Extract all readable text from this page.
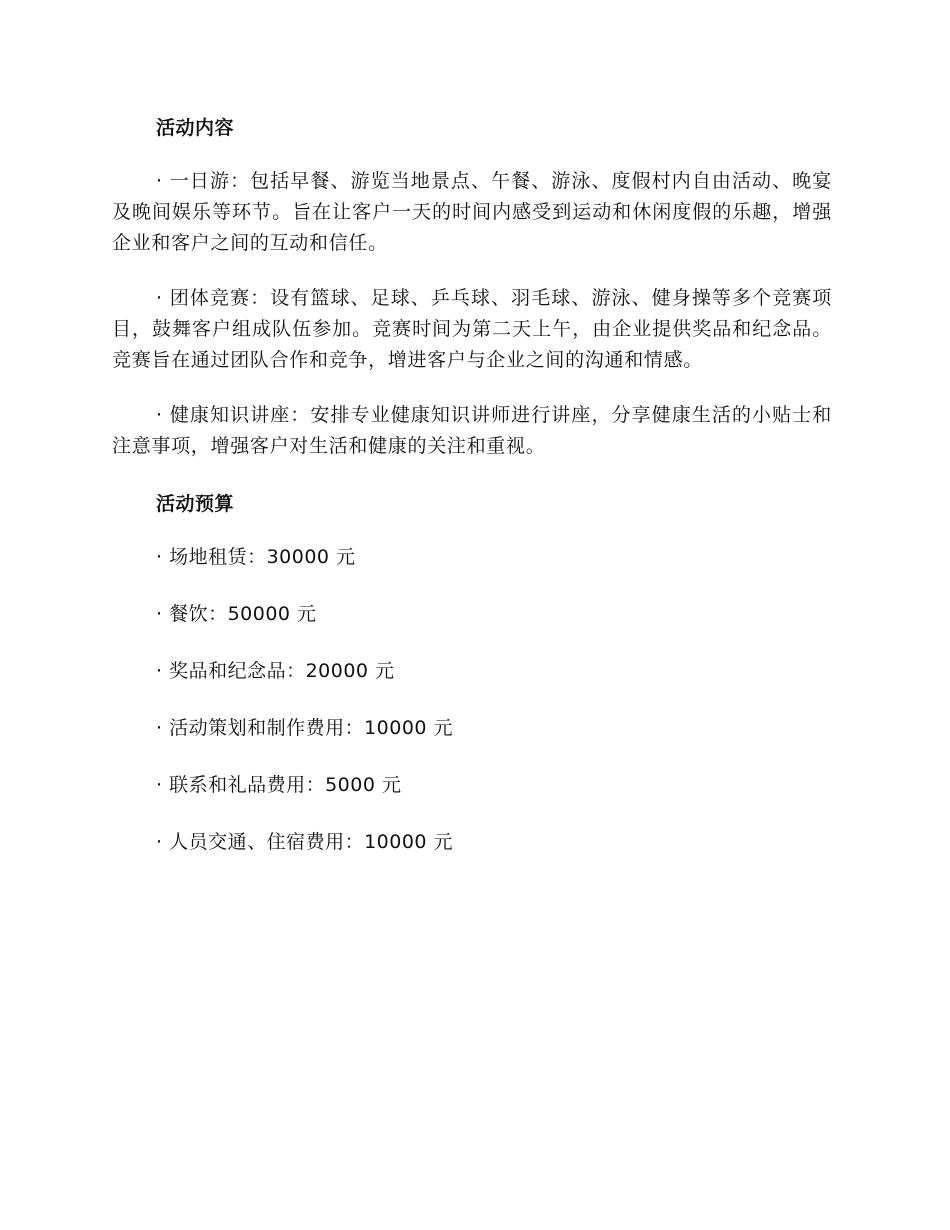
活动内容

· 一日游：包括早餐、游览当地景点、午餐、游泳、度假村内自由活动、晚宴及晚间娱乐等环节。旨在让客户一天的时间内感受到运动和休闲度假的乐趣，增强企业和客户之间的互动和信任。

· 团体竞赛：设有篮球、足球、乒乓球、羽毛球、游泳、健身操等多个竞赛项目，鼓舞客户组成队伍参加。竞赛时间为第二天上午，由企业提供奖品和纪念品。竞赛旨在通过团队合作和竞争，增进客户与企业之间的沟通和情感。

· 健康知识讲座：安排专业健康知识讲师进行讲座，分享健康生活的小贴士和注意事项，增强客户对生活和健康的关注和重视。

活动预算
· 场地租赁：30000 元
· 餐饮：50000 元
· 奖品和纪念品：20000 元
· 活动策划和制作费用：10000 元
· 联系和礼品费用：5000 元
· 人员交通、住宿费用：10000 元
